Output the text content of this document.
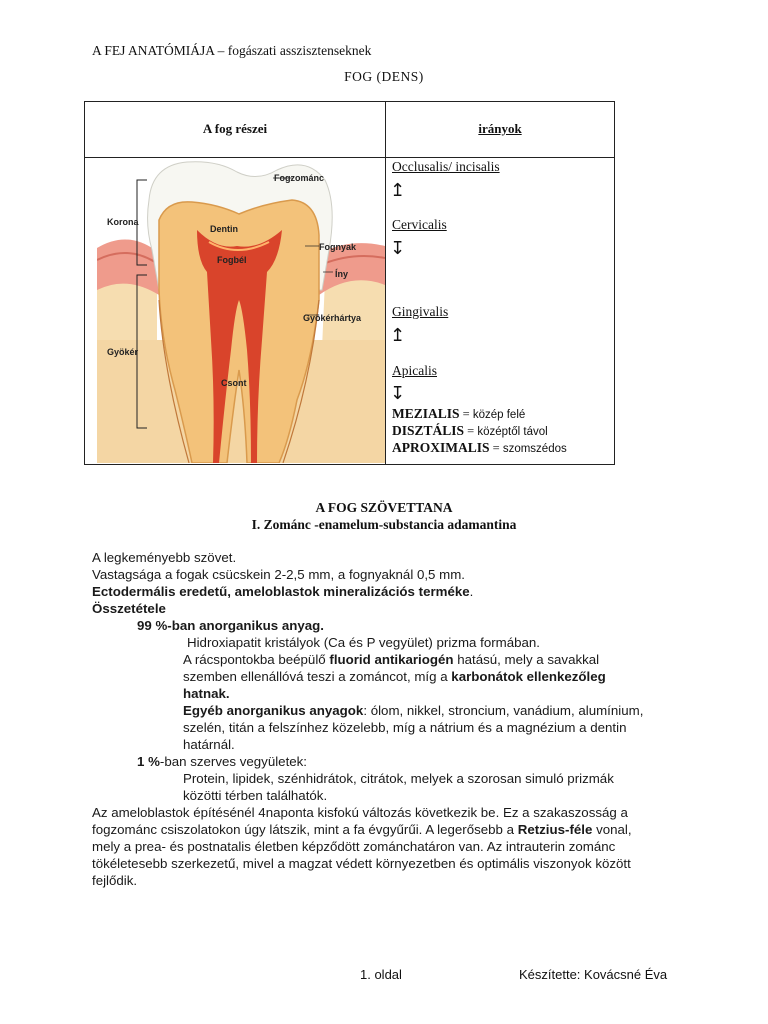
A FEJ ANATÓMIÁJA – fogászati asszisztenseknek
FOG (DENS)
A fog részei	irányok
Fogzománc
Korona
Dentin
Fognyak
Fogbél
Íny
Gyökérhártya
Gyökér
Csont
Occlusalis/ incisalis
↥
Cervicalis
↧
Gingivalis
↥
Apicalis
↧
MEZIALIS = közép felé
DISZTÁLIS = középtől távol
APROXIMALIS = szomszédos
A FOG SZÖVETTANA
I. Zománc -enamelum-substancia adamantina
A legkeményebb szövet.
Vastagsága a fogak csücskein 2-2,5 mm, a fognyaknál 0,5 mm.
Ectodermális eredetű, ameloblastok mineralizációs terméke.
Összetétele
99 %-ban anorganikus anyag.
Hidroxiapatit kristályok (Ca és P vegyület) prizma formában.
A rácspontokba beépülő fluorid antikariogén hatású, mely a savakkal
szemben ellenállóvá teszi a zománcot, míg a karbonátok ellenkezőleg
hatnak.
Egyéb anorganikus anyagok: ólom, nikkel, stroncium, vanádium, alumínium,
szelén, titán a felszínhez közelebb, míg a nátrium és a magnézium a dentin
határnál.
1 %-ban szerves vegyületek:
Protein, lipidek, szénhidrátok, citrátok, melyek a szorosan simuló prizmák
közötti térben találhatók.
Az ameloblastok építésénél 4naponta kisfokú változás következik be. Ez a szakaszosság a
fogzománc csiszolatokon úgy látszik, mint a fa évgyűrűi. A legerősebb a Retzius-féle vonal,
mely a prea- és postnatalis életben képződött zománchatáron van. Az intrauterin zománc
tökéletesebb szerkezetű, mivel a magzat védett környezetben és optimális viszonyok között
fejlődik.
1. oldal	Készítette: Kovácsné Éva
